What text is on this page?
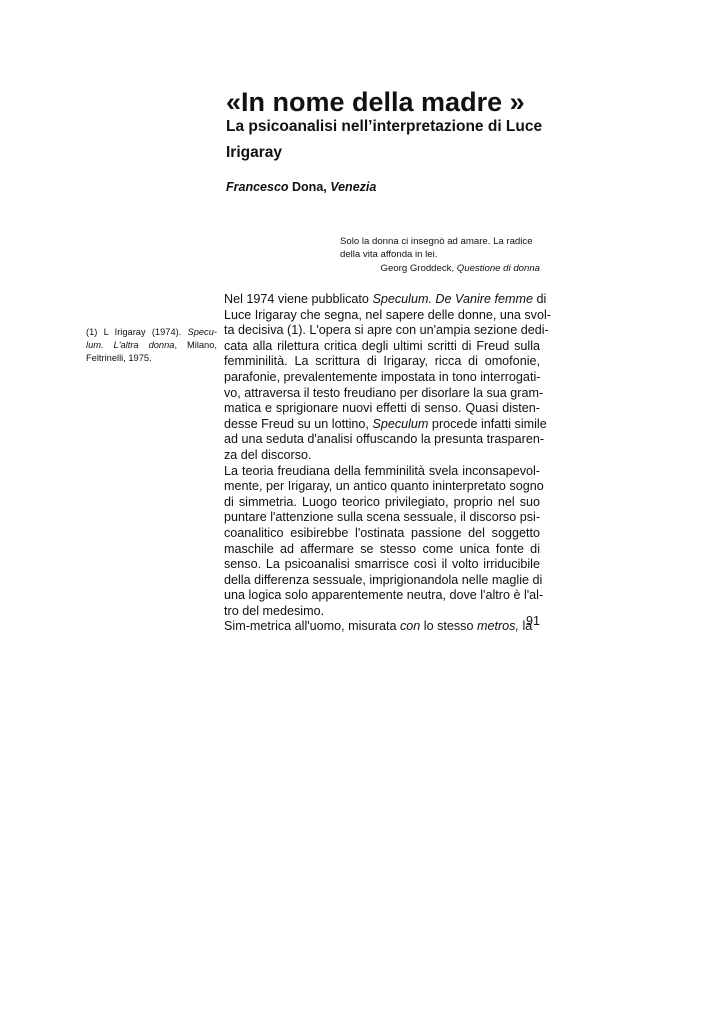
«In nome della madre »
La psicoanalisi nell’interpretazione di Luce Irigaray
Francesco Dona, Venezia
Solo la donna ci insegnò ad amare. La radice della vita affonda in lei.
Georg Groddeck, Questione di donna
(1) L Irigaray (1974). Specu-lum. L'altra donna, Milano, Feltrinelli, 1975.
Nel 1974 viene pubblicato Speculum. De Vanire femme di
Luce Irigaray che segna, nel sapere delle donne, una svol-
ta decisiva (1). L'opera si apre con un'ampia sezione dedi-
cata alla rilettura critica degli ultimi scritti di Freud sulla
femminilità. La scrittura di Irigaray, ricca di omofonie,
parafonie, prevalentemente impostata in tono interrogati-
vo, attraversa il testo freudiano per disorlare la sua gram-
matica e sprigionare nuovi effetti di senso. Quasi disten-
desse Freud su un lottino, Speculum procede infatti simile
ad una seduta d'analisi offuscando la presunta trasparen-
za del discorso.
La teoria freudiana della femminilità svela inconsapevol-
mente, per Irigaray, un antico quanto ininterpretato sogno
di simmetria. Luogo teorico privilegiato, proprio nel suo
puntare l'attenzione sulla scena sessuale, il discorso psi-
coanalitico esibirebbe l'ostinata passione del soggetto
maschile ad affermare se stesso come unica fonte di
senso. La psicoanalisi smarrisce così il volto irriducibile
della differenza sessuale, imprigionandola nelle maglie di
una logica solo apparentemente neutra, dove l'altro è l'al-
tro del medesimo.
Sim-metrica all'uomo, misurata con lo stesso metros, la
91
